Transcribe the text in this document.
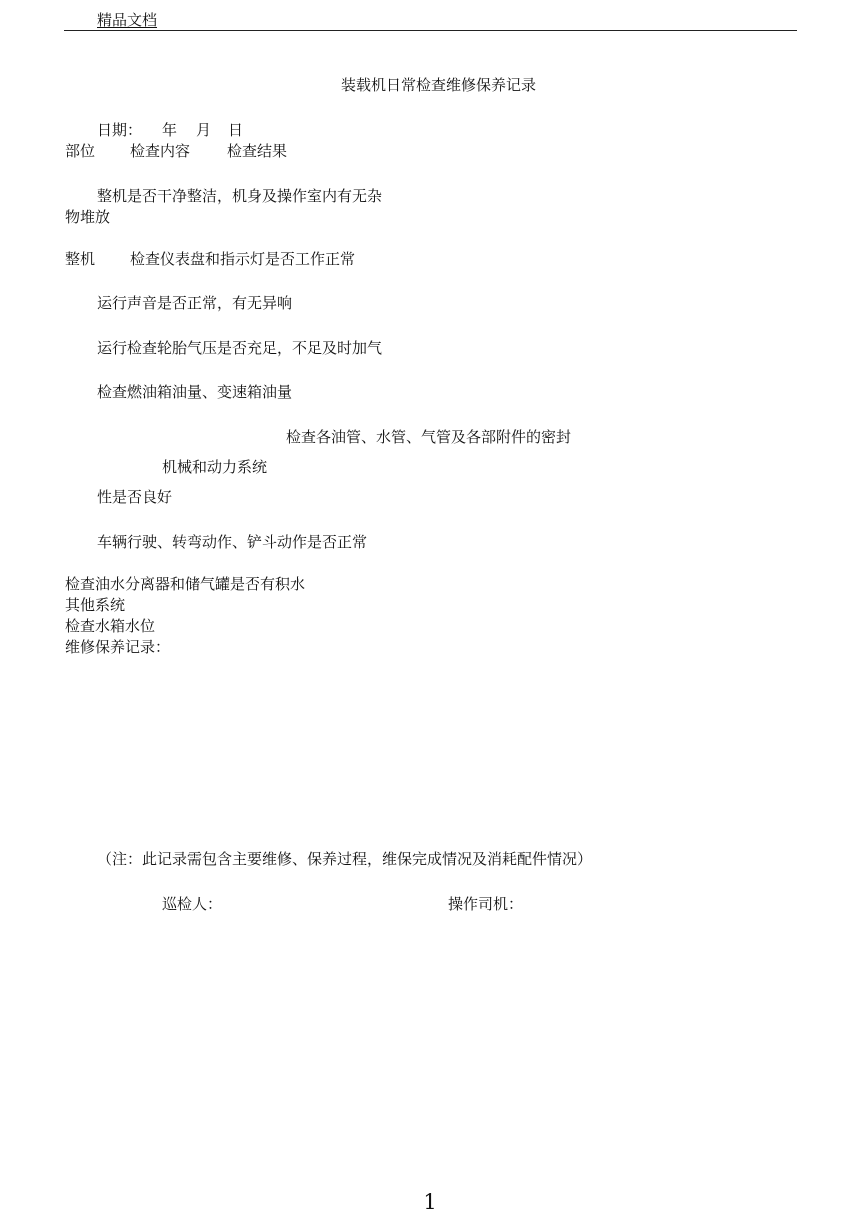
精品文档
装载机日常检查维修保养记录
日期： 年 月 日
部位 检查内容 检查结果
整机是否干净整洁，机身及操作室内有无杂
物堆放
整机 检查仪表盘和指示灯是否工作正常
运行声音是否正常，有无异响
运行检查轮胎气压是否充足，不足及时加气
检查燃油箱油量、变速箱油量
检查各油管、水管、气管及各部附件的密封
机械和动力系统
性是否良好
车辆行驶、转弯动作、铲斗动作是否正常
检查油水分离器和储气罐是否有积水
其他系统
检查水箱水位
维修保养记录：
（注：此记录需包含主要维修、保养过程，维保完成情况及消耗配件情况）
巡检人：	操作司机：
1
